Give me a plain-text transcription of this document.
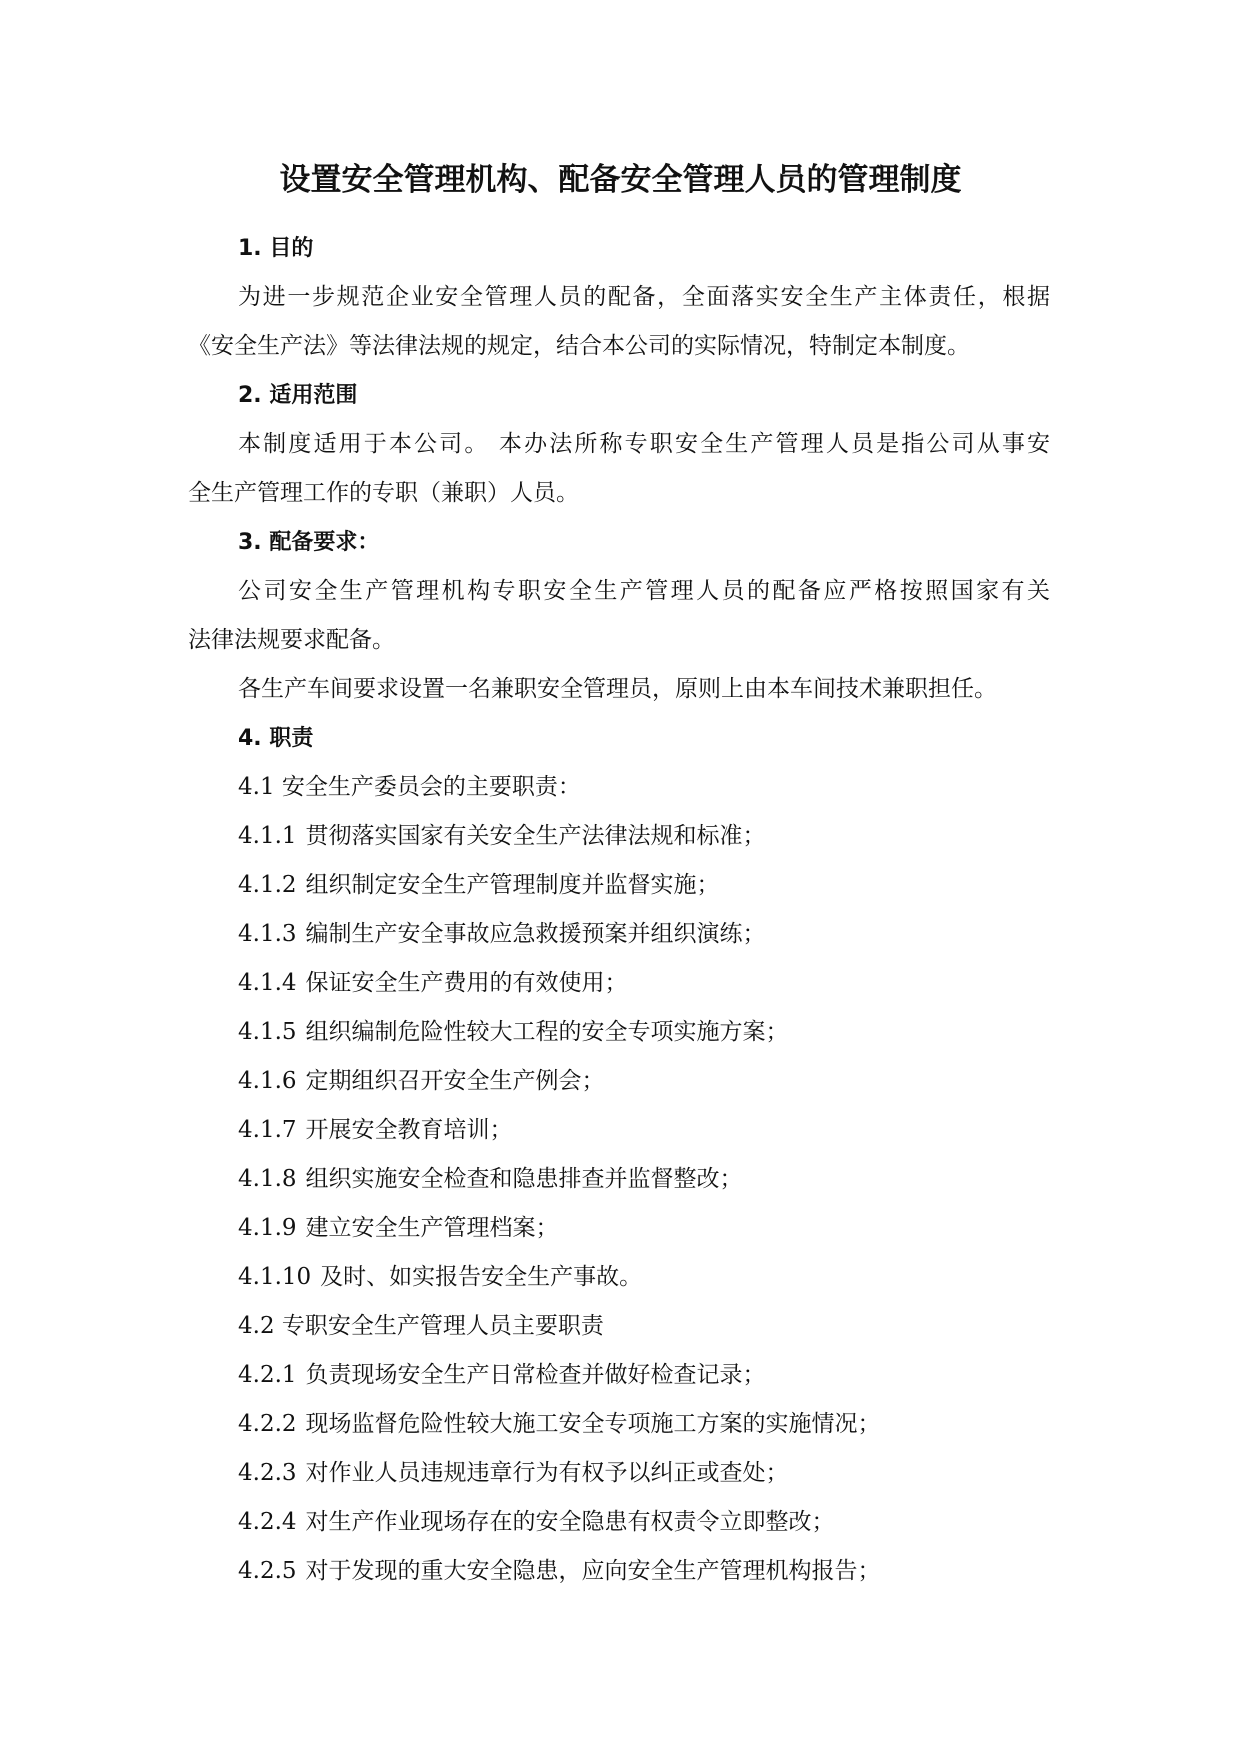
设置安全管理机构、配备安全管理人员的管理制度

1. 目的

为进一步规范企业安全管理人员的配备，全面落实安全生产主体责任，根据

《安全生产法》等法律法规的规定，结合本公司的实际情况，特制定本制度。

2. 适用范围

本制度适用于本公司。 本办法所称专职安全生产管理人员是指公司从事安

全生产管理工作的专职（兼职）人员。

3. 配备要求：

公司安全生产管理机构专职安全生产管理人员的配备应严格按照国家有关

法律法规要求配备。

各生产车间要求设置一名兼职安全管理员，原则上由本车间技术兼职担任。

4. 职责

4.1 安全生产委员会的主要职责：

4.1.1 贯彻落实国家有关安全生产法律法规和标准；

4.1.2 组织制定安全生产管理制度并监督实施；

4.1.3 编制生产安全事故应急救援预案并组织演练；

4.1.4 保证安全生产费用的有效使用；

4.1.5 组织编制危险性较大工程的安全专项实施方案；

4.1.6 定期组织召开安全生产例会；

4.1.7 开展安全教育培训；

4.1.8 组织实施安全检查和隐患排查并监督整改；

4.1.9 建立安全生产管理档案；

4.1.10 及时、如实报告安全生产事故。

4.2 专职安全生产管理人员主要职责

4.2.1 负责现场安全生产日常检查并做好检查记录；

4.2.2 现场监督危险性较大施工安全专项施工方案的实施情况；

4.2.3 对作业人员违规违章行为有权予以纠正或查处；

4.2.4 对生产作业现场存在的安全隐患有权责令立即整改；

4.2.5 对于发现的重大安全隐患，应向安全生产管理机构报告；
